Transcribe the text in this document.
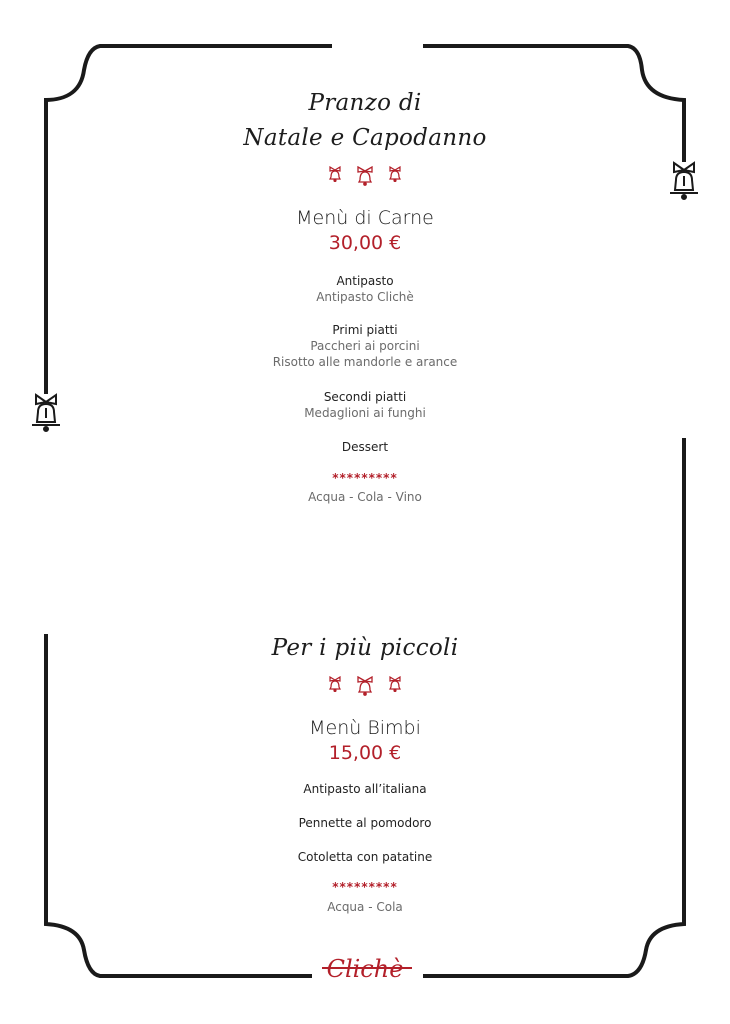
Pranzo di
Natale e Capodanno
Menù di Carne
30,00 €
Antipasto
Antipasto Clichè
Primi piatti
Paccheri ai porcini
Risotto alle mandorle e arance
Secondi piatti
Medaglioni ai funghi
Dessert
*********
Acqua - Cola - Vino
Per i più piccoli
Menù Bimbi
15,00 €
Antipasto all’italiana
Pennette al pomodoro
Cotoletta con patatine
*********
Acqua - Cola
Clichè
